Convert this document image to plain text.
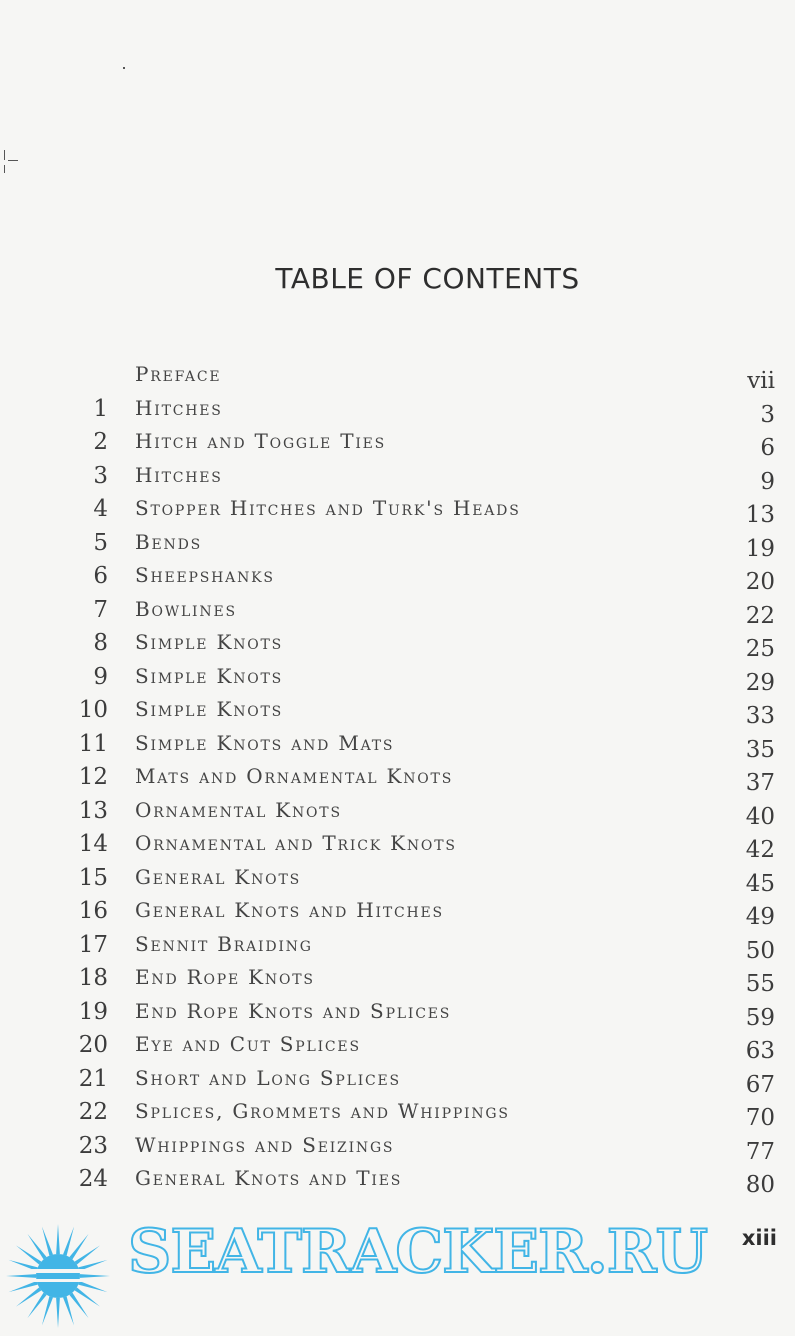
TABLE OF CONTENTS
Preface	vii
1 Hitches	3
2 Hitch and Toggle Ties	6
3 Hitches	9
4 Stopper Hitches and Turk's Heads	13
5 Bends	19
6 Sheepshanks	20
7 Bowlines	22
8 Simple Knots	25
9 Simple Knots	29
10 Simple Knots	33
11 Simple Knots and Mats	35
12 Mats and Ornamental Knots	37
13 Ornamental Knots	40
14 Ornamental and Trick Knots	42
15 General Knots	45
16 General Knots and Hitches	49
17 Sennit Braiding	50
18 End Rope Knots	55
19 End Rope Knots and Splices	59
20 Eye and Cut Splices	63
21 Short and Long Splices	67
22 Splices, Grommets and Whippings	70
23 Whippings and Seizings	77
24 General Knots and Ties	80
xiii
SEATRACKER.RU
